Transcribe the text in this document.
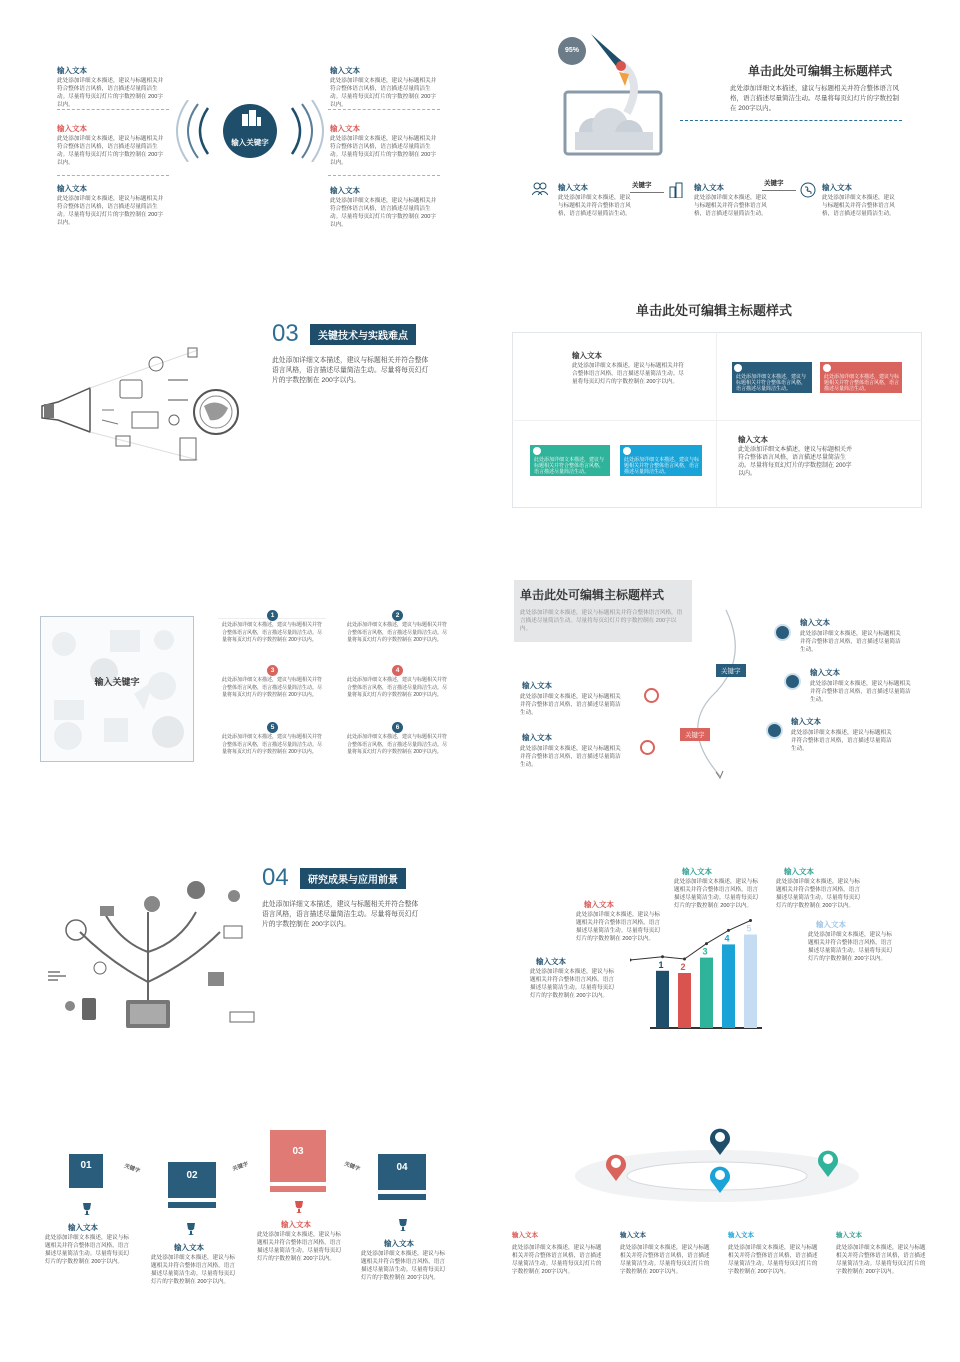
输入文本
此处添加详细文本描述，建议与标题相关并符合整体语言风格，语言描述尽量简洁生动。尽量将每页幻灯片的字数控制在 200字以内。
输入文本
此处添加详细文本描述，建议与标题相关并符合整体语言风格，语言描述尽量简洁生动。尽量将每页幻灯片的字数控制在 200字以内。
输入文本
此处添加详细文本描述，建议与标题相关并符合整体语言风格，语言描述尽量简洁生动。尽量将每页幻灯片的字数控制在 200字以内。
输入关键字
输入文本
此处添加详细文本描述，建议与标题相关并符合整体语言风格，语言描述尽量简洁生动。尽量将每页幻灯片的字数控制在 200字以内。
输入文本
此处添加详细文本描述，建议与标题相关并符合整体语言风格，语言描述尽量简洁生动。尽量将每页幻灯片的字数控制在 200字以内。
输入文本
此处添加详细文本描述，建议与标题相关并符合整体语言风格，语言描述尽量简洁生动。尽量将每页幻灯片的字数控制在 200字以内。
95%
单击此处可编辑主标题样式
此处添加详细文本描述，建议与标题相关并符合整体语言风格，语言描述尽量简洁生动。尽量将每页幻灯片的字数控制在 200字以内。
输入文本
此处添加详细文本描述，建议与标题相关并符合整体语言风格，语言描述尽量简洁生动。
关键字	输入文本
此处添加详细文本描述，建议与标题相关并符合整体语言风格，语言描述尽量简洁生动。
关键字	输入文本
此处添加详细文本描述，建议与标题相关并符合整体语言风格，语言描述尽量简洁生动。
03	关键技术与实践难点
此处添加详细文本描述，建议与标题相关并符合整体语言风格，语言描述尽量简洁生动。尽量将每页幻灯片的字数控制在 200字以内。
单击此处可编辑主标题样式
输入文本
此处添加详细文本描述，建议与标题相关并符合整体语言风格，语言描述尽量简洁生动。尽量将每页幻灯片的字数控制在 200字以内。
此处添加详细文本描述，建议与标题相关并符合整体语言风格，语言描述尽量简洁生动。
此处添加详细文本描述，建议与标题相关并符合整体语言风格，语言描述尽量简洁生动。
此处添加详细文本描述，建议与标题相关并符合整体语言风格，语言描述尽量简洁生动。
此处添加详细文本描述，建议与标题相关并符合整体语言风格，语言描述尽量简洁生动。
输入文本
此处添加详细文本描述，建议与标题相关并符合整体语言风格，语言描述尽量简洁生动。尽量将每页幻灯片的字数控制在 200字以内。
输入关键字
1
此处添加详细文本描述，建议与标题相关并符合整体语言风格，语言描述尽量简洁生动。尽量将每页幻灯片的字数控制在 200字以内。
2
此处添加详细文本描述，建议与标题相关并符合整体语言风格，语言描述尽量简洁生动。尽量将每页幻灯片的字数控制在 200字以内。
3
此处添加详细文本描述，建议与标题相关并符合整体语言风格，语言描述尽量简洁生动。尽量将每页幻灯片的字数控制在 200字以内。
4
此处添加详细文本描述，建议与标题相关并符合整体语言风格，语言描述尽量简洁生动。尽量将每页幻灯片的字数控制在 200字以内。
5
此处添加详细文本描述，建议与标题相关并符合整体语言风格，语言描述尽量简洁生动。尽量将每页幻灯片的字数控制在 200字以内。
6
此处添加详细文本描述，建议与标题相关并符合整体语言风格，语言描述尽量简洁生动。尽量将每页幻灯片的字数控制在 200字以内。
单击此处可编辑主标题样式
此处添加详细文本描述，建议与标题相关并符合整体语言风格，语言描述尽量简洁生动。尽量将每页幻灯片的字数控制在 200字以内。
关键字
关键字
输入文本
此处添加详细文本描述，建议与标题相关并符合整体语言风格，语言描述尽量简洁生动。
输入文本
此处添加详细文本描述，建议与标题相关并符合整体语言风格，语言描述尽量简洁生动。
输入文本
此处添加详细文本描述，建议与标题相关并符合整体语言风格，语言描述尽量简洁生动。
输入文本
此处添加详细文本描述，建议与标题相关并符合整体语言风格，语言描述尽量简洁生动。
输入文本
此处添加详细文本描述，建议与标题相关并符合整体语言风格，语言描述尽量简洁生动。
04	研究成果与应用前景
此处添加详细文本描述，建议与标题相关并符合整体语言风格，语言描述尽量简洁生动。尽量将每页幻灯片的字数控制在 200字以内。
输入文本
此处添加详细文本描述，建议与标题相关并符合整体语言风格，语言描述尽量简洁生动。尽量将每页幻灯片的字数控制在 200字以内。
输入文本
此处添加详细文本描述，建议与标题相关并符合整体语言风格，语言描述尽量简洁生动。尽量将每页幻灯片的字数控制在 200字以内。
输入文本
此处添加详细文本描述，建议与标题相关并符合整体语言风格，语言描述尽量简洁生动。尽量将每页幻灯片的字数控制在 200字以内。
输入文本
此处添加详细文本描述，建议与标题相关并符合整体语言风格，语言描述尽量简洁生动。尽量将每页幻灯片的字数控制在 200字以内。
输入文本
此处添加详细文本描述，建议与标题相关并符合整体语言风格，语言描述尽量简洁生动。尽量将每页幻灯片的字数控制在 200字以内。
1 2
3
4
5
01	关键字
02
关键字
03
关键字	04
输入文本
此处添加详细文本描述，建议与标题相关并符合整体语言风格，语言描述尽量简洁生动。尽量将每页幻灯片的字数控制在 200字以内。
输入文本
此处添加详细文本描述，建议与标题相关并符合整体语言风格，语言描述尽量简洁生动。尽量将每页幻灯片的字数控制在 200字以内。
输入文本
此处添加详细文本描述，建议与标题相关并符合整体语言风格，语言描述尽量简洁生动。尽量将每页幻灯片的字数控制在 200字以内。
输入文本
此处添加详细文本描述，建议与标题相关并符合整体语言风格，语言描述尽量简洁生动。尽量将每页幻灯片的字数控制在 200字以内。
输入文本
此处添加详细文本描述，建议与标题相关并符合整体语言风格，语言描述尽量简洁生动。尽量将每页幻灯片的字数控制在 200字以内。
输入文本
此处添加详细文本描述，建议与标题相关并符合整体语言风格，语言描述尽量简洁生动。尽量将每页幻灯片的字数控制在 200字以内。
输入文本
此处添加详细文本描述，建议与标题相关并符合整体语言风格，语言描述尽量简洁生动。尽量将每页幻灯片的字数控制在 200字以内。
输入文本
此处添加详细文本描述，建议与标题相关并符合整体语言风格，语言描述尽量简洁生动。尽量将每页幻灯片的字数控制在 200字以内。
